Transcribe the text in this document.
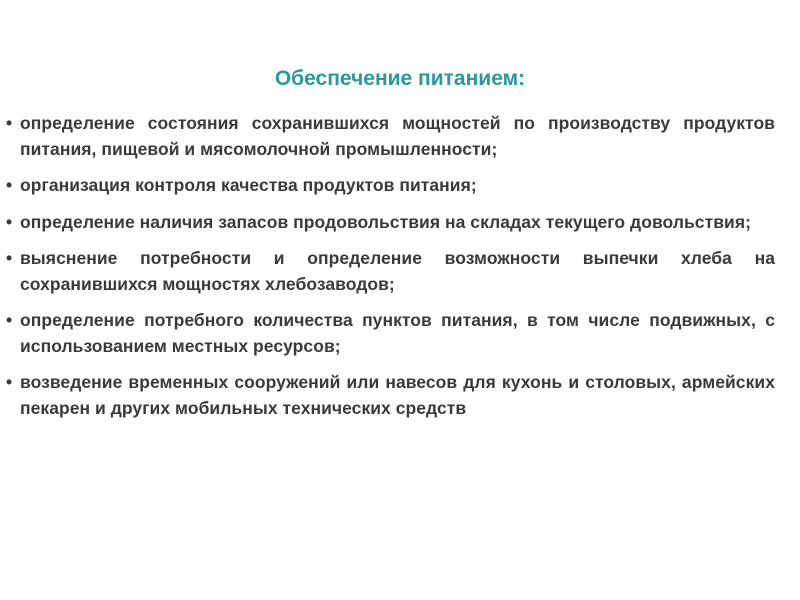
Обеспечение питанием:
• определение состояния сохранившихся мощностей по производству продуктов питания, пищевой и мясомолочной промышленности;
• организация контроля качества продуктов питания;
• определение наличия запасов продовольствия на складах текущего довольствия;
• выяснение потребности и определение возможности выпечки хлеба на сохранившихся мощностях хлебозаводов;
• определение потребного количества пунктов питания, в том числе подвижных, с использованием местных ресурсов;
• возведение временных сооружений или навесов для кухонь и столовых, армейских пекарен и других мобильных технических средств
